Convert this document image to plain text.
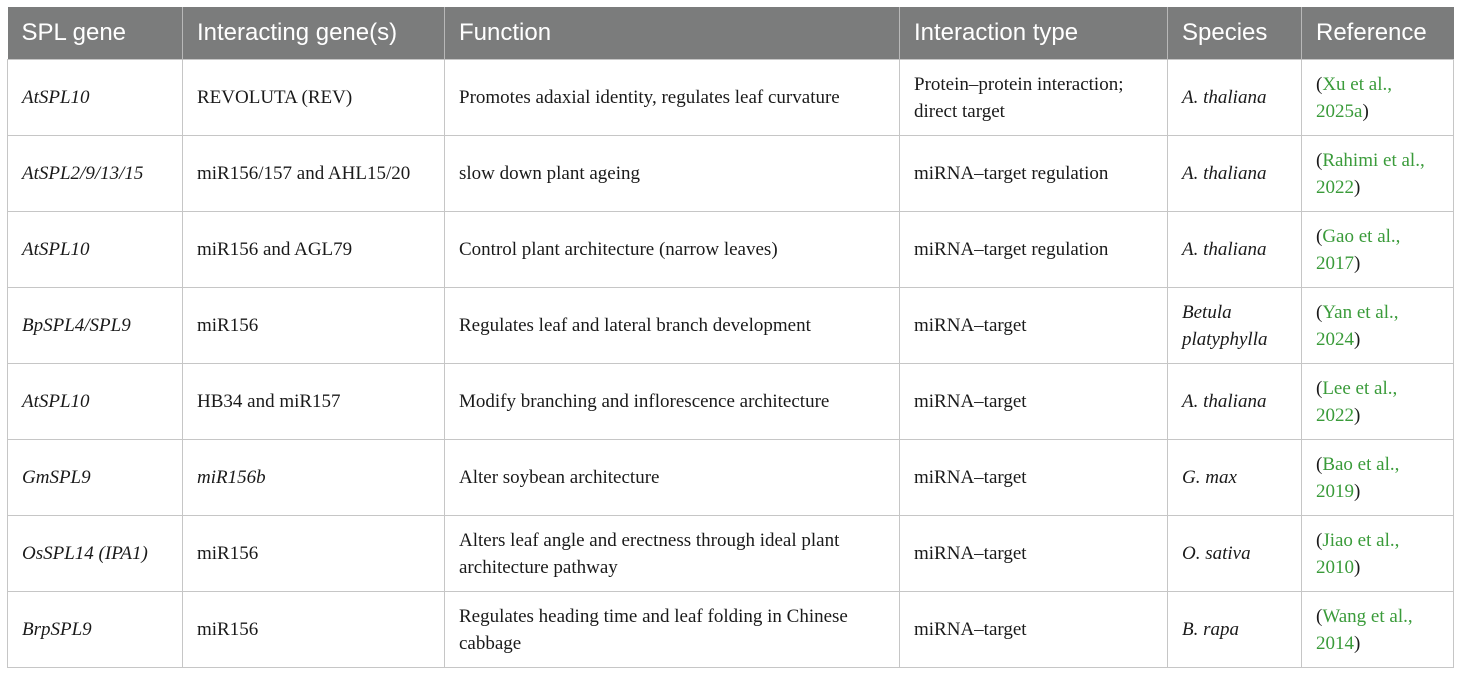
SPL gene	Interacting gene(s)	Function	Interaction type	Species	Reference
AtSPL10	REVOLUTA (REV)	Promotes adaxial identity, regulates leaf curvature	Protein–protein interaction; direct target	A. thaliana	(Xu et al., 2025a)
AtSPL2/9/13/15	miR156/157 and AHL15/20	slow down plant ageing	miRNA–target regulation	A. thaliana	(Rahimi et al., 2022)
AtSPL10	miR156 and AGL79	Control plant architecture (narrow leaves)	miRNA–target regulation	A. thaliana	(Gao et al., 2017)
BpSPL4/SPL9	miR156	Regulates leaf and lateral branch development	miRNA–target	Betula platyphylla	(Yan et al., 2024)
AtSPL10	HB34 and miR157	Modify branching and inflorescence architecture	miRNA–target	A. thaliana	(Lee et al., 2022)
GmSPL9	miR156b	Alter soybean architecture	miRNA–target	G. max	(Bao et al., 2019)
OsSPL14 (IPA1)	miR156	Alters leaf angle and erectness through ideal plant architecture pathway	miRNA–target	O. sativa	(Jiao et al., 2010)
BrpSPL9	miR156	Regulates heading time and leaf folding in Chinese cabbage	miRNA–target	B. rapa	(Wang et al., 2014)
